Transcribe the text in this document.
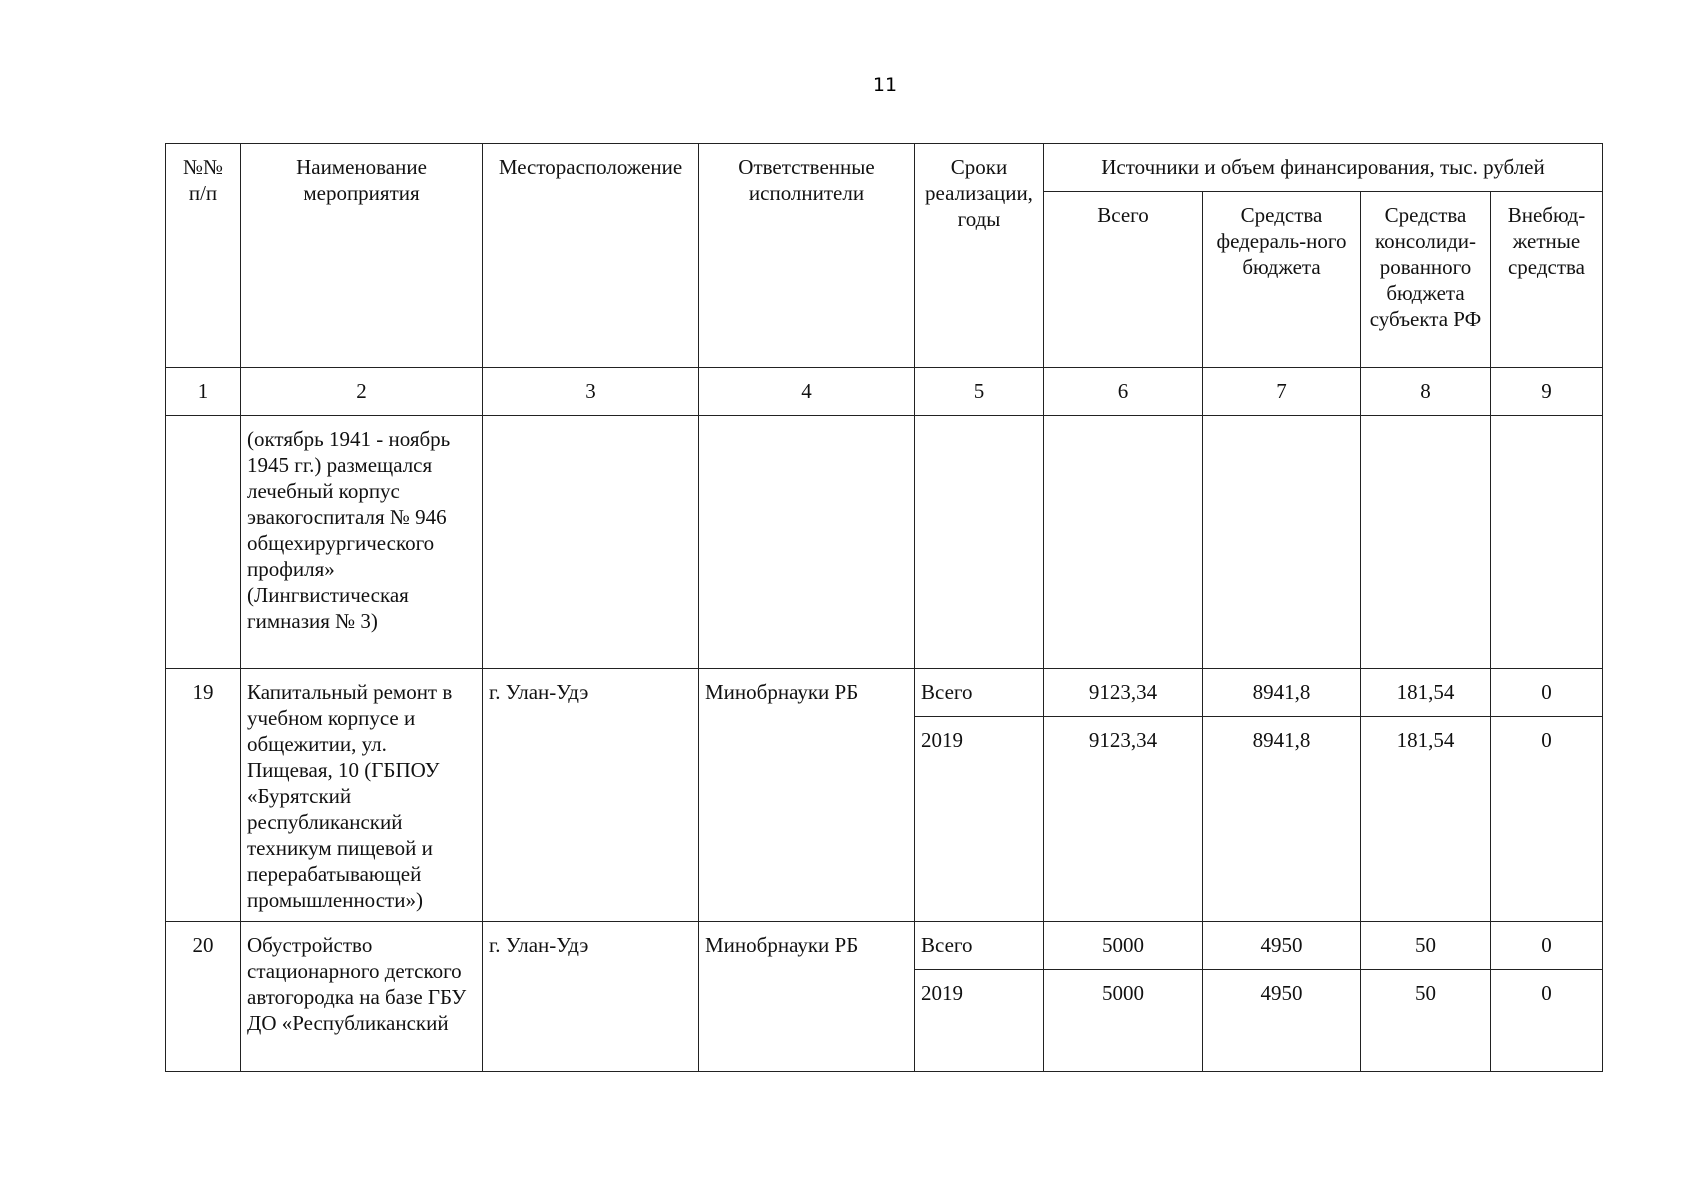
11
№№ п/п	Наименование мероприятия	Месторасположение	Ответственные исполнители	Сроки реализации, годы	Источники и объем финансирования, тыс. рублей			
					Всего	Средства федераль-ного бюджета	Средства консолиди-рованного бюджета субъекта РФ	Внебюд-жетные средства
1	2	3	4	5	6	7	8	9
	(октябрь 1941 - ноябрь 1945 гг.) размещался лечебный корпус эвакогоспиталя № 946 общехирургического профиля» (Лингвистическая гимназия № 3)							
19	Капитальный ремонт в учебном корпусе и общежитии, ул. Пищевая, 10 (ГБПОУ «Бурятский республиканский техникум пищевой и перерабатывающей промышленности»)	г. Улан-Удэ	Минобрнауки РБ	Всего	9123,34	8941,8	181,54	0
				2019	9123,34	8941,8	181,54	0

20	Обустройство стационарного детского автогородка на базе ГБУ ДО «Республиканский	г. Улан-Удэ	Минобрнауки РБ	Всего	5000	4950	50	0
				2019	5000	4950	50	0
